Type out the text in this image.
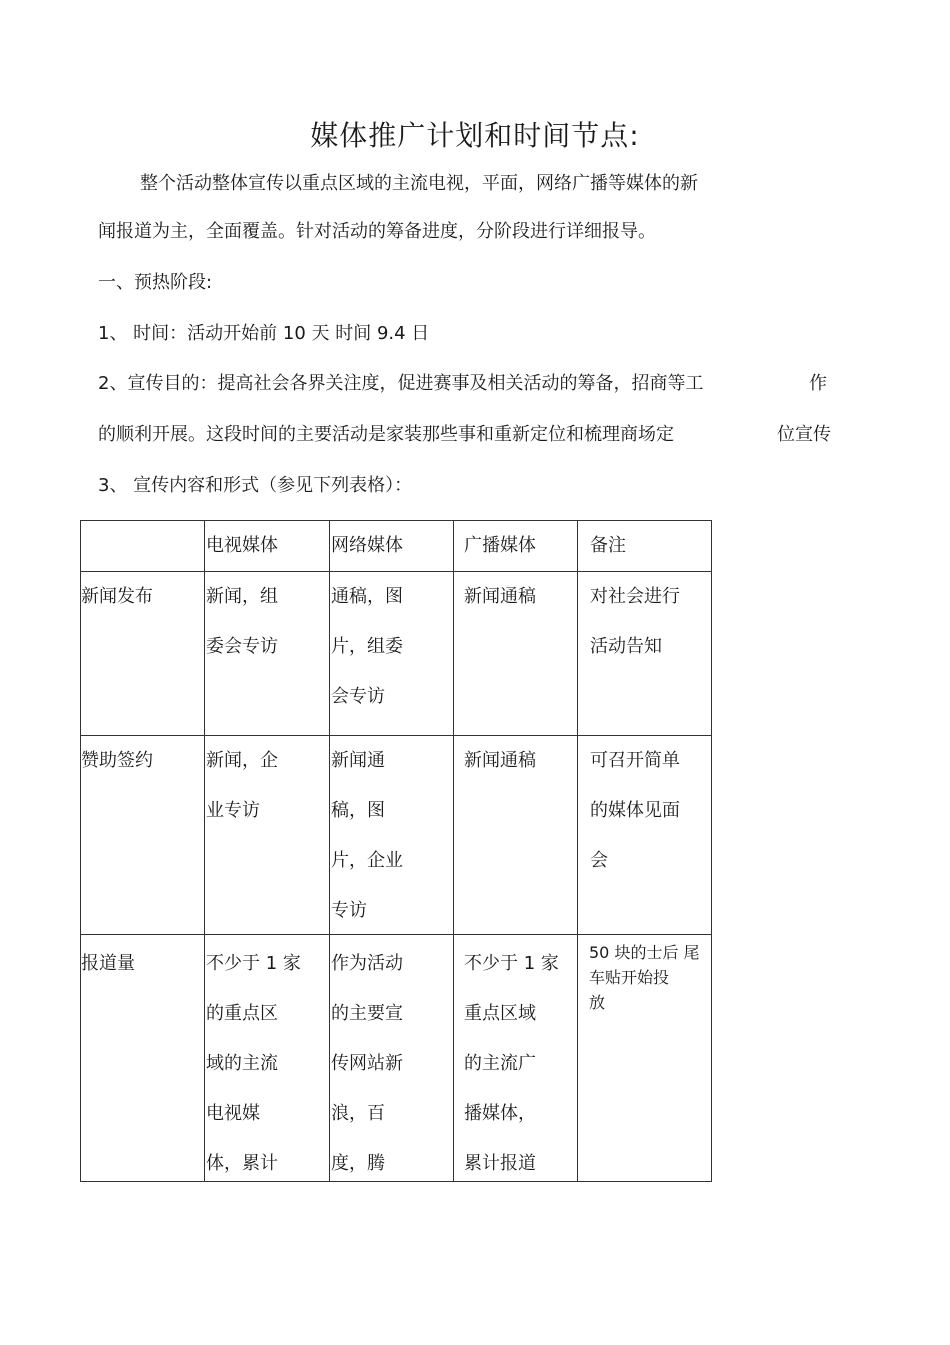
媒体推广计划和时间节点:
整个活动整体宣传以重点区域的主流电视，平面，网络广播等媒体的新
闻报道为主，全面覆盖。针对活动的筹备进度，分阶段进行详细报导。
一、预热阶段:
1、 时间：活动开始前 10 天 时间 9.4 日
2、宣传目的：提高社会各界关注度，促进赛事及相关活动的筹备，招商等工	作
的顺利开展。这段时间的主要活动是家装那些事和重新定位和梳理商场定	位宣传
3、 宣传内容和形式（参见下列表格）：

	电视媒体	网络媒体	广播媒体	备注

新闻发布	新闻，组
委会专访	通稿，图
片，组委
会专访	新闻通稿	对社会进行
活动告知

赞助签约	新闻，企
业专访	新闻通
稿，图
片，企业
专访	新闻通稿	可召开简单
的媒体见面
会

报道量	不少于 1 家
的重点区
域的主流
电视媒
体，累计	作为活动
的主要宣
传网站新
浪，百
度，腾	不少于 1 家
重点区域
的主流广
播媒体，
累计报道	50 块的士后 尾
车贴开始投
放
